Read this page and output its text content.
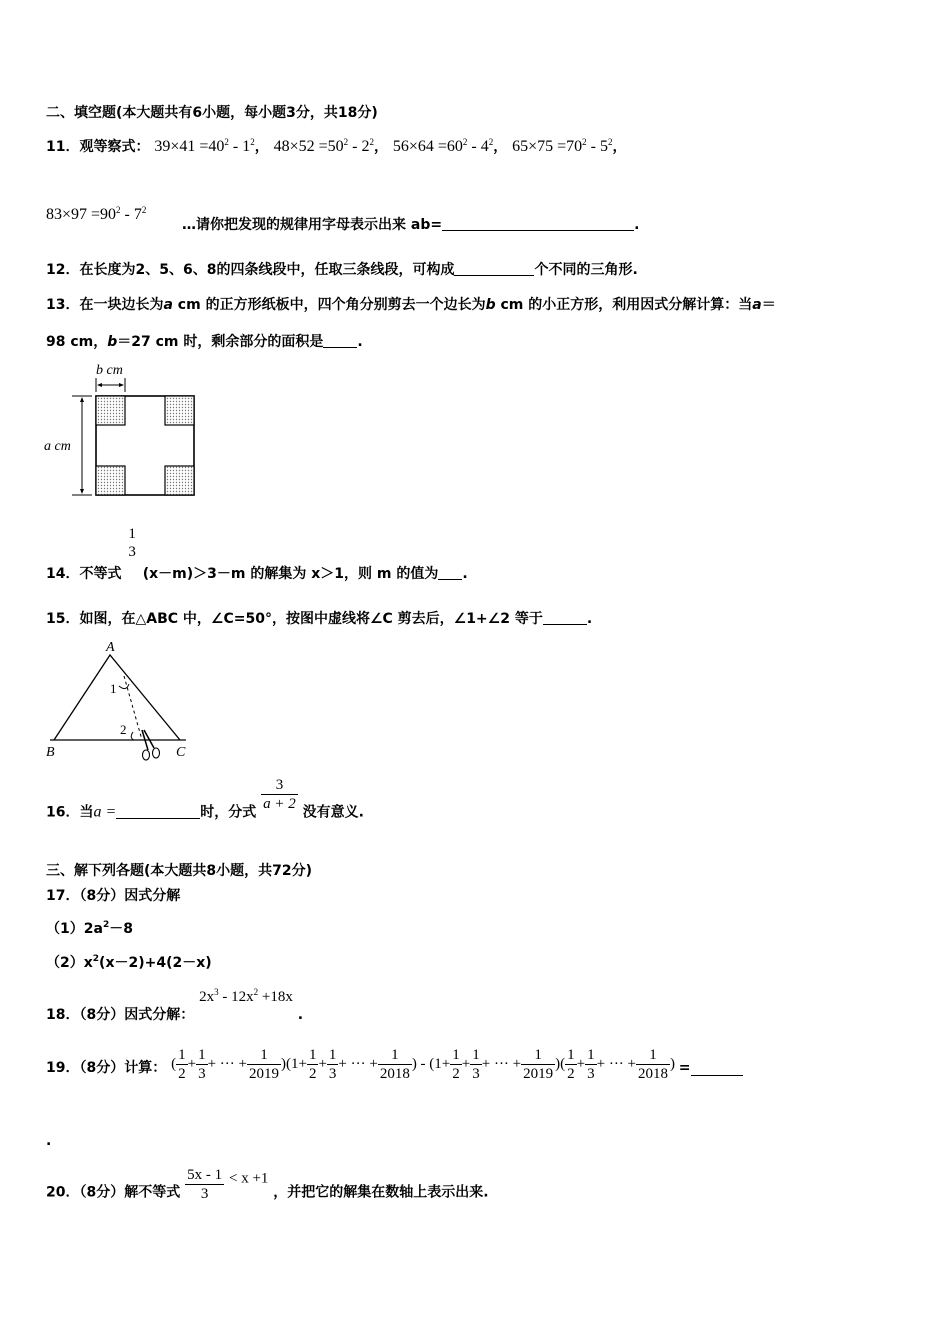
二、填空题(本大题共有6小题，每小题3分，共18分)
11．观等察式： $39\times 41 =40^2 - 1^2$， $48\times 52 =50^2 - 2^2$， $56\times 64 =60^2 - 4^2$， $65\times 75 =70^2 - 5^2$，
$83\times 97 =90^2 - 7^2$
…请你把发现的规律用字母表示出来 ab=	.
12．在长度为2、5、6、8的四条线段中，任取三条线段，可构成	个不同的三角形.
13．在一块边长为a cm 的正方形纸板中，四个角分别剪去一个边长为b cm 的小正方形，利用因式分解计算：当a＝
98 cm，b＝27 cm 时，剩余部分的面积是 .
b cm
a cm
14．不等式
1
3
(x－m)＞3－m 的解集为 x＞1，则 m 的值为 .
15．如图，在△ABC 中，∠C=50°，按图中虚线将∠C 剪去后，∠1+∠2 等于	.
A
B	C
1
2
16．当a =	时，分式 $\frac{3}{a + 2}$ 没有意义.
三、解下列各题(本大题共8小题，共72分)
17．（8分）因式分解
$(1)2a^2-8$
$(2)x^2(x-2)+4(2-x)$
18．（8分）因式分解： $2x^3 - 12x^2 +18x$ .
19．（8分）计算： ( $\frac{1}{2} + \frac{1}{3}$ + ··· + $\frac{1}{2019} )(1+ \frac{1}{2} + \frac{1}{3}$ + ··· + $\frac{1}{2018}$ ) - ($1+ \frac{1}{2} + \frac{1}{3}$ + ··· + $\frac{1}{2019}$ )( $\frac{1}{2} + \frac{1}{3}$ + ··· + $\frac{1}{2018}$ ) =
.
20．（8分）解不等式 $\frac{5x - 1}{3} < x +1$ ，并把它的解集在数轴上表示出来.
